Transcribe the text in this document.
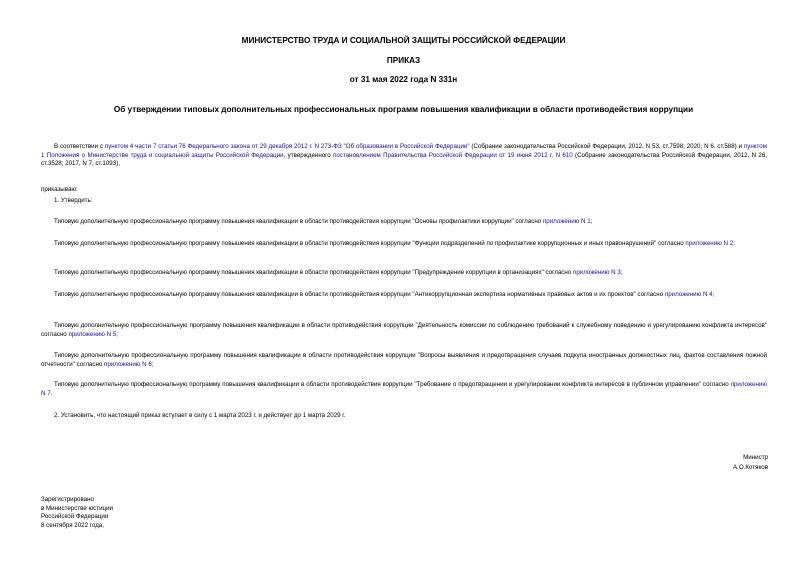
МИНИСТЕРСТВО ТРУДА И СОЦИАЛЬНОЙ ЗАЩИТЫ РОССИЙСКОЙ ФЕДЕРАЦИИ
ПРИКАЗ
от 31 мая 2022 года N 331н
Об утверждении типовых дополнительных профессиональных программ повышения квалификации в области противодействия коррупции
В соответствии с пунктом 4 части 7 статьи 76 Федерального закона от 29 декабря 2012 г. N 273-ФЗ "Об образовании в Российской Федерации" (Собрание законодательства Российской Федерации, 2012, N 53, ст.7598; 2020, N 6, ст.588) и пунктом 1 Положения о Министерстве труда и социальной защиты Российской Федерации, утвержденного постановлением Правительства Российской Федерации от 19 июня 2012 г. N 610 (Собрание законодательства Российской Федерации, 2012, N 26, ст.3528; 2017, N 7, ст.1093),
приказываю:
1. Утвердить:
Типовую дополнительную профессиональную программу повышения квалификации в области противодействия коррупции "Основы профилактики коррупции" согласно приложению N 1;
Типовую дополнительную профессиональную программу повышения квалификации в области противодействия коррупции "Функции подразделений по профилактике коррупционных и иных правонарушений" согласно приложению N 2;
Типовую дополнительную профессиональную программу повышения квалификации в области противодействия коррупции "Предупреждение коррупции в организациях" согласно приложению N 3;
Типовую дополнительную профессиональную программу повышения квалификации в области противодействия коррупции "Антикоррупционная экспертиза нормативных правовых актов и их проектов" согласно приложению N 4;
Типовую дополнительную профессиональную программу повышения квалификации в области противодействия коррупции "Деятельность комиссии по соблюдению требований к служебному поведению и урегулированию конфликта интересов" согласно приложению N 5;
Типовую дополнительную профессиональную программу повышения квалификации в области противодействия коррупции "Вопросы выявления и предотвращения случаев подкупа иностранных должностных лиц, фактов составления ложной отчетности" согласно приложению N 6;
Типовую дополнительную профессиональную программу повышения квалификации в области противодействия коррупции "Требование о предотвращении и урегулировании конфликта интересов в публичном управлении" согласно приложению N 7.
2. Установить, что настоящий приказ вступает в силу с 1 марта 2023 г. и действует до 1 марта 2029 г.
Министр
А.О.Котяков
Зарегистрировано
в Министерстве юстиции
Российской Федерации
8 сентября 2022 года,
